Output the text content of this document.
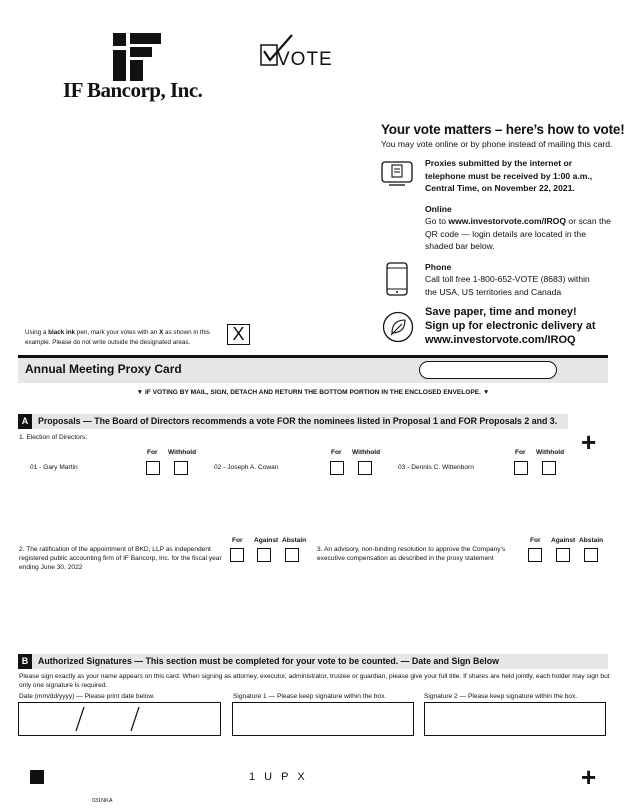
IF Bancorp, Inc.
VOTE
Your vote matters – here’s how to vote!
You may vote online or by phone instead of mailing this card.
Proxies submitted by the internet or telephone must be received by 1:00 a.m., Central Time, on November 22, 2021.
Online
Go to www.investorvote.com/IROQ or scan the QR code — login details are located in the shaded bar below.
Phone
Call toll free 1-800-652-VOTE (8683) within the USA, US territories and Canada
Save paper, time and money!
Sign up for electronic delivery at
www.investorvote.com/IROQ
Using a black ink pen, mark your votes with an X as shown in this example. Please do not write outside the designated areas.	X
Annual Meeting Proxy Card
▼ IF VOTING BY MAIL, SIGN, DETACH AND RETURN THE BOTTOM PORTION IN THE ENCLOSED ENVELOPE. ▼
A	Proposals — The Board of Directors recommends a vote FOR the nominees listed in Proposal 1 and FOR Proposals 2 and 3.
+
1. Election of Directors:
For Withhold	For Withhold	For Withhold
01 - Gary Martin	02 - Joseph A. Cowan	03 - Dennis C. Wittenborn
2. The ratification of the appointment of BKD, LLP as independent registered public accounting firm of IF Bancorp, Inc. for the fiscal year ending June 30, 2022
For Against Abstain
3. An advisory, non-binding resolution to approve the Company’s executive compensation as described in the proxy statement
For Against Abstain
B	Authorized Signatures — This section must be completed for your vote to be counted. — Date and Sign Below
Please sign exactly as your name appears on this card. When signing as attorney, executor, administrator, trustee or guardian, please give your full title. If shares are held jointly, each holder may sign but only one signature is required.
Date (mm/dd/yyyy) — Please print date below.	Signature 1 — Please keep signature within the box.	Signature 2 — Please keep signature within the box.
1 U P X	+
031NKA
